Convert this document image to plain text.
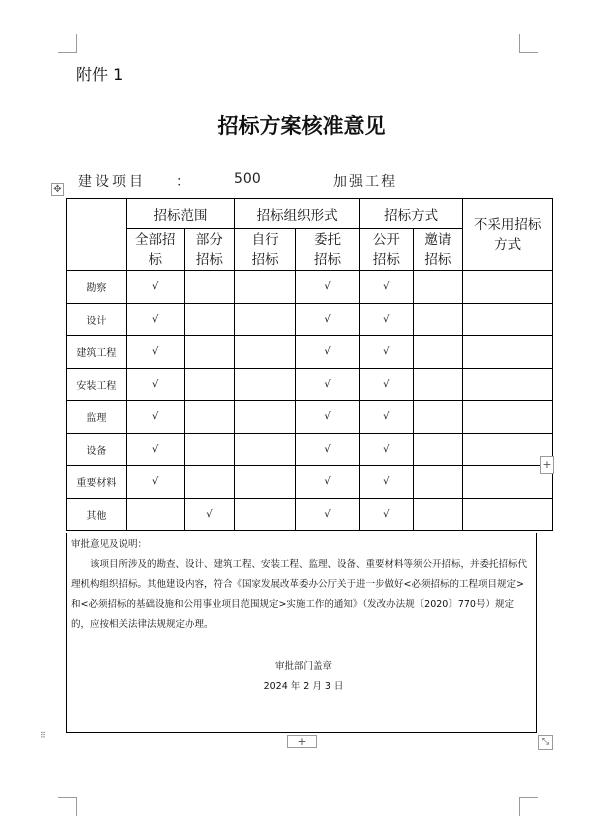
附件 1
招标方案核准意见
建设项目 ：	500	加强工程
✥
	招标范围		招标组织形式		招标方式		不采用招标方式
	全部招标	部分招标	自行招标	委托招标	公开招标	邀请招标	
勘察	√			√	√		
设计	√			√	√		
建筑工程	√			√	√		
安装工程	√			√	√		
监理	√			√	√		
设备	√			√	√		
重要材料	√			√	√		
其他		√		√	√		
审批意见及说明：
该项目所涉及的勘查、设计、建筑工程、安装工程、监理、设备、重要材料等须公开招标，并委托招标代理机构组织招标。其他建设内容，符合《国家发展改革委办公厅关于进一步做好<必须招标的工程项目规定>和<必须招标的基础设施和公用事业项目范围规定>实施工作的通知》（发改办法规〔2020〕770号）规定的，应按相关法律法规规定办理。
审批部门盖章
2024 年 2 月 3 日
+
+	⤡
⠿
